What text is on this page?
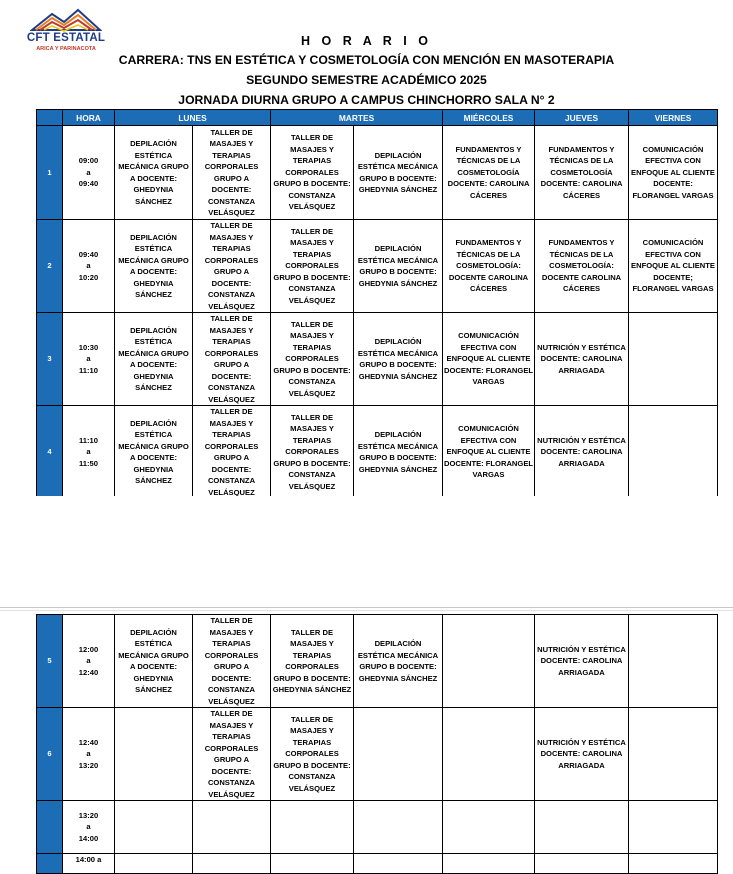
CFT ESTATAL
ARICA Y PARINACOTA
H O R A R I O
CARRERA: TNS EN ESTÉTICA Y COSMETOLOGÍA CON MENCIÓN EN MASOTERAPIA
SEGUNDO SEMESTRE ACADÉMICO 2025
JORNADA DIURNA GRUPO A CAMPUS CHINCHORRO SALA N° 2
	HORA	LUNES		MARTES		MIÉRCOLES	JUEVES	VIERNES
1	09:00
a
09:40	DEPILACIÓN ESTÉTICA MECÁNICA GRUPO A DOCENTE: GHEDYNIA SÁNCHEZ	TALLER DE MASAJES Y TERAPIAS CORPORALES GRUPO A DOCENTE: CONSTANZA VELÁSQUEZ	TALLER DE MASAJES Y TERAPIAS CORPORALES GRUPO B DOCENTE: CONSTANZA VELÁSQUEZ	DEPILACIÓN ESTÉTICA MECÁNICA GRUPO B DOCENTE: GHEDYNIA SÁNCHEZ	FUNDAMENTOS Y TÉCNICAS DE LA COSMETOLOGÍA DOCENTE: CAROLINA CÁCERES	FUNDAMENTOS Y TÉCNICAS DE LA COSMETOLOGÍA DOCENTE: CAROLINA CÁCERES	COMUNICACIÓN EFECTIVA CON ENFOQUE AL CLIENTE DOCENTE: FLORANGEL VARGAS
2	09:40
a
10:20	DEPILACIÓN ESTÉTICA MECÁNICA GRUPO A DOCENTE: GHEDYNIA SÁNCHEZ	TALLER DE MASAJES Y TERAPIAS CORPORALES GRUPO A DOCENTE: CONSTANZA VELÁSQUEZ	TALLER DE MASAJES Y TERAPIAS CORPORALES GRUPO B DOCENTE: CONSTANZA VELÁSQUEZ	DEPILACIÓN ESTÉTICA MECÁNICA GRUPO B DOCENTE: GHEDYNIA SÁNCHEZ	FUNDAMENTOS Y TÉCNICAS DE LA COSMETOLOGÍA: DOCENTE CAROLINA CÁCERES	FUNDAMENTOS Y TÉCNICAS DE LA COSMETOLOGÍA: DOCENTE CAROLINA CÁCERES	COMUNICACIÓN EFECTIVA CON ENFOQUE AL CLIENTE DOCENTE; FLORANGEL VARGAS
3	10:30
a
11:10	DEPILACIÓN ESTÉTICA MECÁNICA GRUPO A DOCENTE: GHEDYNIA SÁNCHEZ	TALLER DE MASAJES Y TERAPIAS CORPORALES GRUPO A DOCENTE: CONSTANZA VELÁSQUEZ	TALLER DE MASAJES Y TERAPIAS CORPORALES GRUPO B DOCENTE: CONSTANZA VELÁSQUEZ	DEPILACIÓN ESTÉTICA MECÁNICA GRUPO B DOCENTE: GHEDYNIA SÁNCHEZ	COMUNICACIÓN EFECTIVA CON ENFOQUE AL CLIENTE DOCENTE: FLORANGEL VARGAS	NUTRICIÓN Y ESTÉTICA DOCENTE: CAROLINA ARRIAGADA	
4	11:10
a
11:50	DEPILACIÓN ESTÉTICA MECÁNICA GRUPO A DOCENTE: GHEDYNIA SÁNCHEZ	TALLER DE MASAJES Y TERAPIAS CORPORALES GRUPO A DOCENTE: CONSTANZA VELÁSQUEZ	TALLER DE MASAJES Y TERAPIAS CORPORALES GRUPO B DOCENTE: CONSTANZA VELÁSQUEZ	DEPILACIÓN ESTÉTICA MECÁNICA GRUPO B DOCENTE: GHEDYNIA SÁNCHEZ	COMUNICACIÓN EFECTIVA CON ENFOQUE AL CLIENTE DOCENTE: FLORANGEL VARGAS	NUTRICIÓN Y ESTÉTICA DOCENTE: CAROLINA ARRIAGADA	
5	12:00
a
12:40	DEPILACIÓN ESTÉTICA MECÁNICA GRUPO A DOCENTE: GHEDYNIA SÁNCHEZ	TALLER DE MASAJES Y TERAPIAS CORPORALES GRUPO A DOCENTE: CONSTANZA VELÁSQUEZ	TALLER DE MASAJES Y TERAPIAS CORPORALES GRUPO B DOCENTE: GHEDYNIA SÁNCHEZ	DEPILACIÓN ESTÉTICA MECÁNICA GRUPO B DOCENTE: GHEDYNIA SÁNCHEZ		NUTRICIÓN Y ESTÉTICA DOCENTE: CAROLINA ARRIAGADA	
6	12:40
a
13:20		TALLER DE MASAJES Y TERAPIAS CORPORALES GRUPO A DOCENTE: CONSTANZA VELÁSQUEZ	TALLER DE MASAJES Y TERAPIAS CORPORALES GRUPO B DOCENTE: CONSTANZA VELÁSQUEZ			NUTRICIÓN Y ESTÉTICA DOCENTE: CAROLINA ARRIAGADA	
	13:20
a
14:00							
	14:00 a							
